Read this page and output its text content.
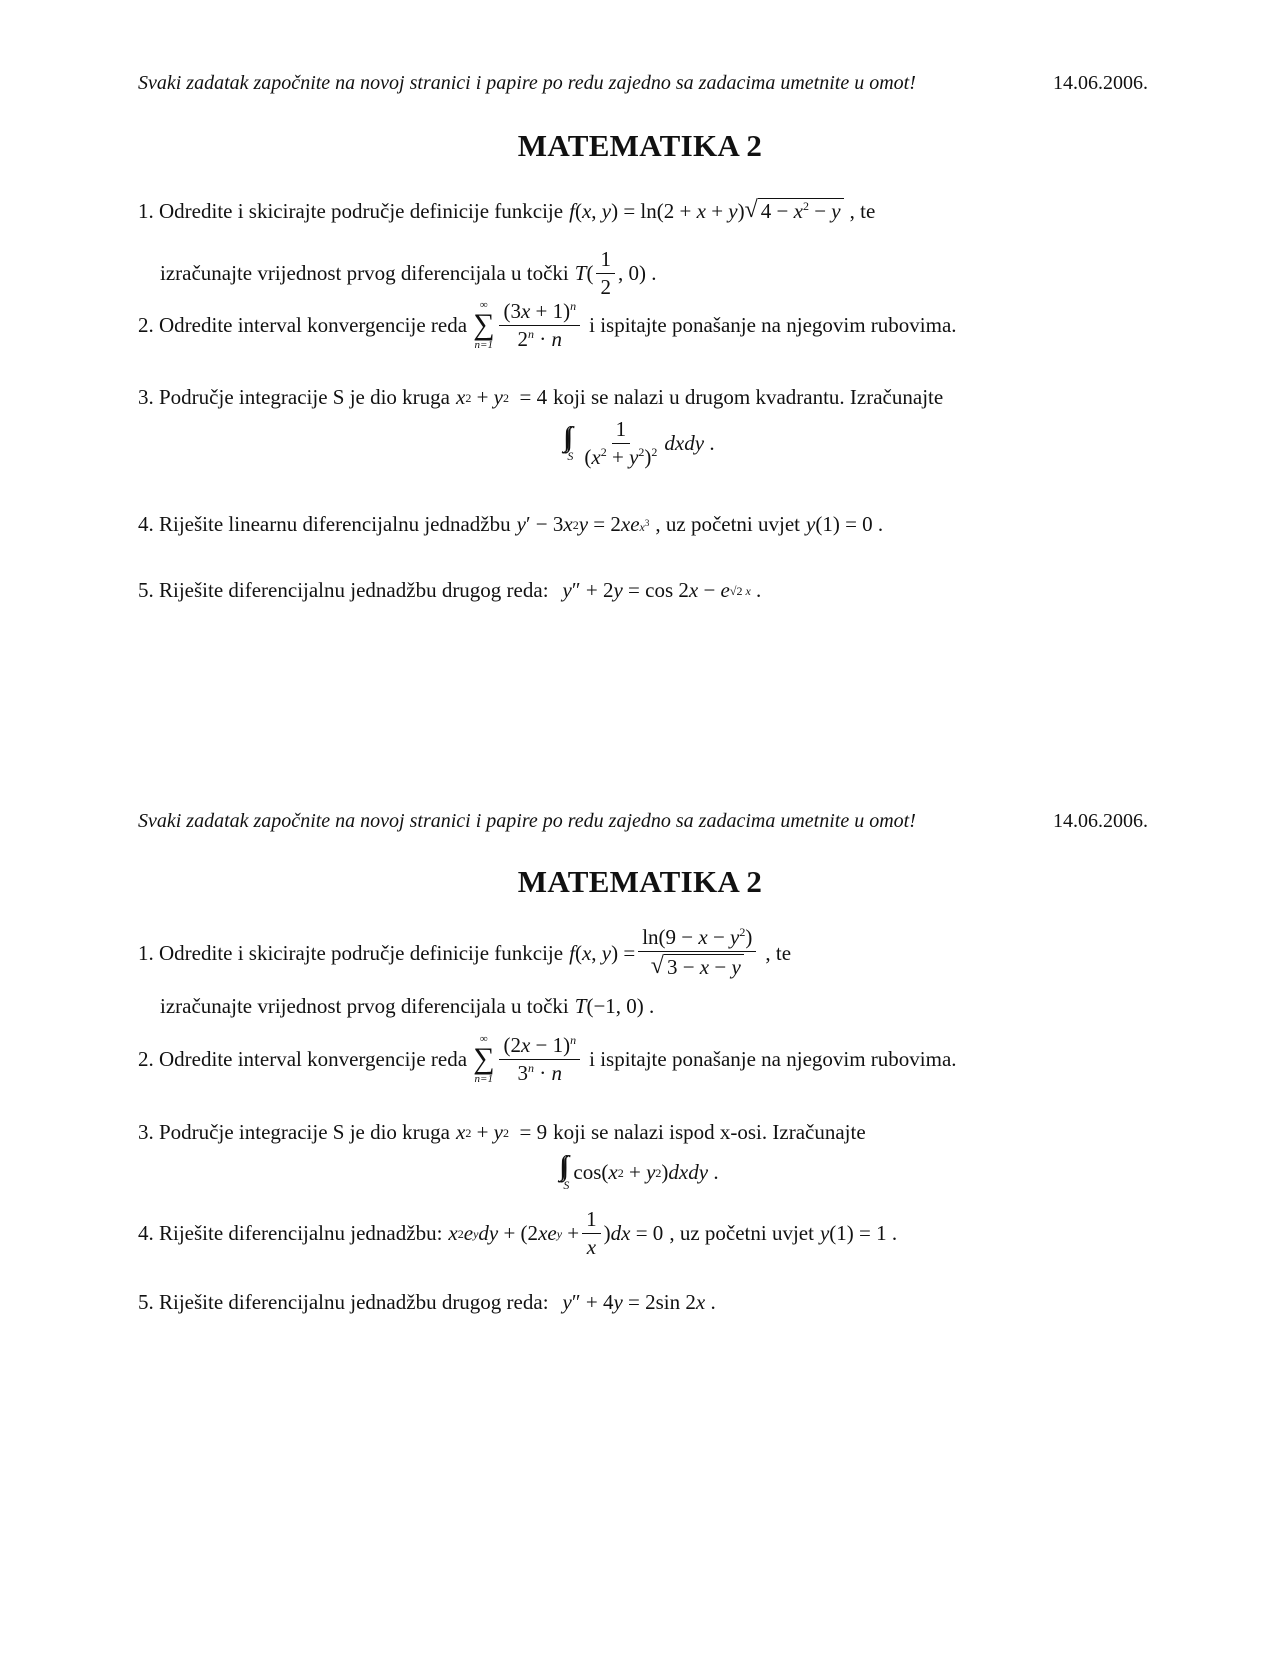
Svaki zadatak započnite na novoj stranici i papire po redu zajedno sa zadacima umetnite u omot!	14.06.2006.
MATEMATIKA 2
1. Odredite i skicirajte područje definicije funkcije f ( x , y ) = ln(2 + x + y ) √ $4 - x^2 - y$ , te
izračunajte vrijednost prvog diferencijala u točki T ( $\frac{1}{2}$ , 0) .
2. Odredite interval konvergencije reda
∞
∑
$n=1 \frac{(3x + 1)^n}{2^n \cdot n}$ i ispitajte ponašanje na njegovim rubovima.
3. Područje integracije S je dio kruga x 2 + y 2 = 4 koji se nalazi u drugom kvadrantu. Izračunajte
S $\frac{1}{(x^2 + y^2)^2}$ dxdy .
4. Riješite linearnu diferencijalnu jednadžbu y ′ − 3 x 2 y = 2 xe $x^3$ , uz početni uvjet y (1) = 0 .
5. Riješite diferencijalnu jednadžbu drugog reda: y ″ + 2 y = cos 2 x − e √2 x .
Svaki zadatak započnite na novoj stranici i papire po redu zajedno sa zadacima umetnite u omot!	14.06.2006.
MATEMATIKA 2
1. Odredite i skicirajte područje definicije funkcije f ( x , y ) = $\frac{\ln(9 - x - y^2)}{√ 3 - x - y}$ , te
izračunajte vrijednost prvog diferencijala u točki T (−1, 0) .
2. Odredite interval konvergencije reda
∞
∑
$n=1 \frac{(2x - 1)^n}{3^n \cdot n}$ i ispitajte ponašanje na njegovim rubovima.
3. Područje integracije S je dio kruga x 2 + y 2 = 9 koji se nalazi ispod x-osi. Izračunajte
S
cos( x 2 + y 2 ) dxdy .
4. Riješite diferencijalnu jednadžbu: x 2 e y dy + (2 xe $y + \frac{1}{x}$ ) dx = 0 , uz početni uvjet y (1) = 1 .
5. Riješite diferencijalnu jednadžbu drugog reda: y ″ + 4 y = 2sin 2 x .
